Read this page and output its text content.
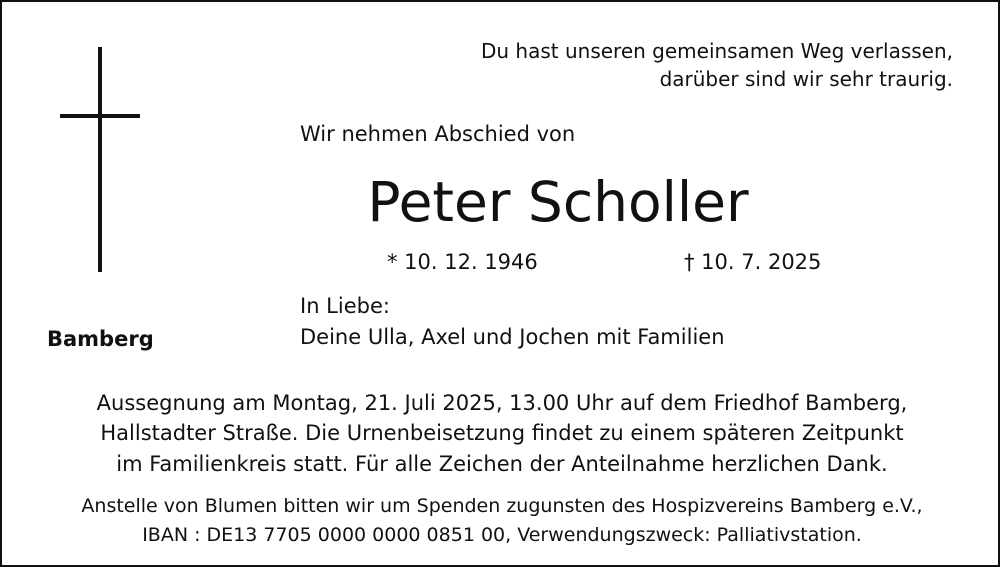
Du hast unseren gemeinsamen Weg verlassen,

darüber sind wir sehr traurig.

Wir nehmen Abschied von

Peter Scholler

* 10. 12. 1946	† 10. 7. 2025

In Liebe:

Deine Ulla, Axel und Jochen mit Familien

Bamberg

Aussegnung am Montag, 21. Juli 2025, 13.00 Uhr auf dem Friedhof Bamberg,

Hallstadter Straße. Die Urnenbeisetzung findet zu einem späteren Zeitpunkt

im Familienkreis statt. Für alle Zeichen der Anteilnahme herzlichen Dank.

Anstelle von Blumen bitten wir um Spenden zugunsten des Hospizvereins Bamberg e.V.,

IBAN : DE13 7705 0000 0000 0851 00, Verwendungszweck: Palliativstation.
